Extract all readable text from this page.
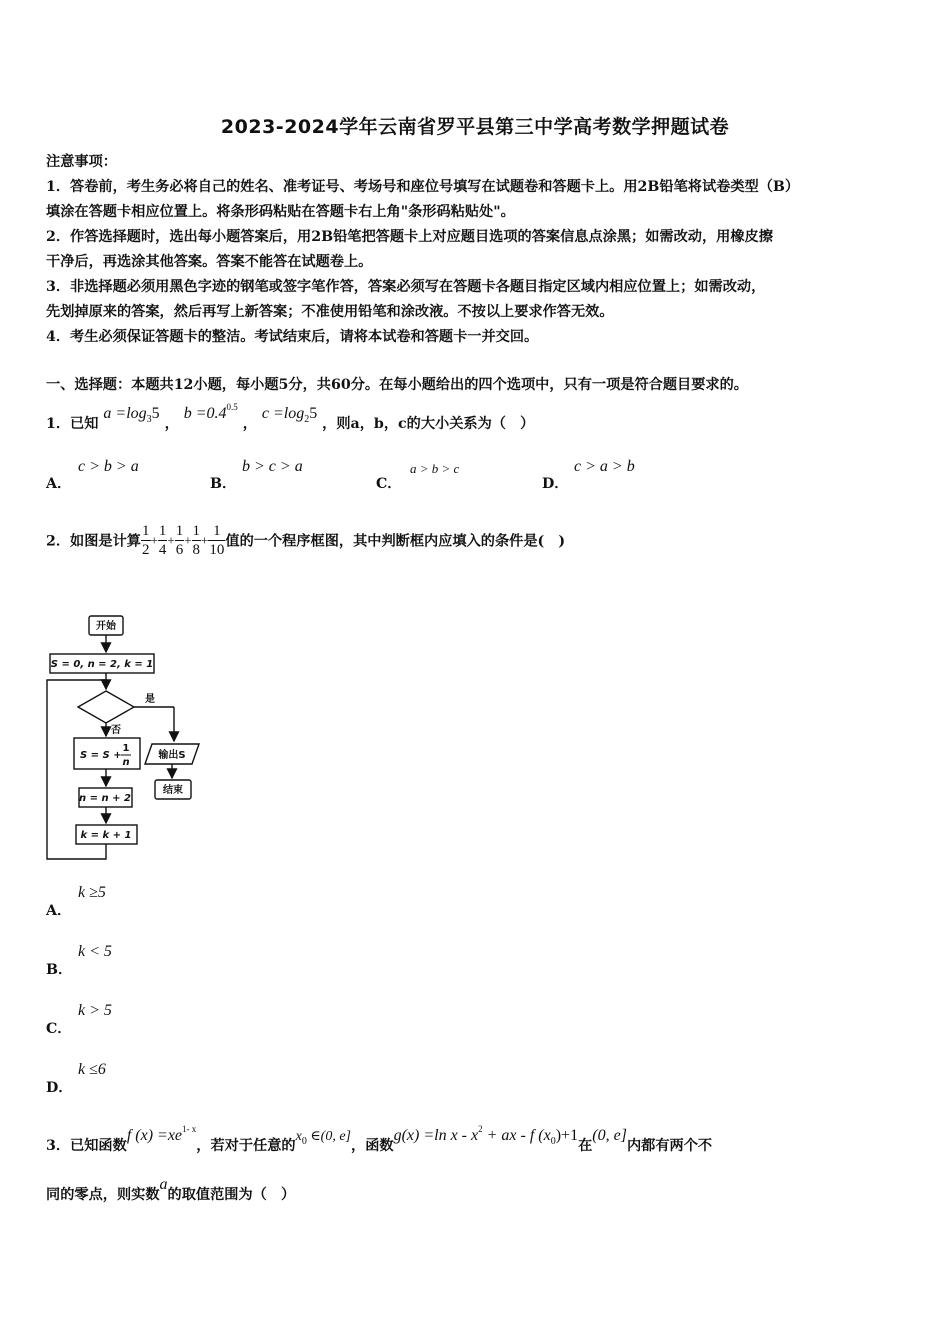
2023-2024学年云南省罗平县第三中学高考数学押题试卷

注意事项：

1．答卷前，考生务必将自己的姓名、准考证号、考场号和座位号填写在试题卷和答题卡上。用2B铅笔将试卷类型（B）

填涂在答题卡相应位置上。将条形码粘贴在答题卡右上角"条形码粘贴处"。

2．作答选择题时，选出每小题答案后，用2B铅笔把答题卡上对应题目选项的答案信息点涂黑；如需改动，用橡皮擦

干净后，再选涂其他答案。答案不能答在试题卷上。

3．非选择题必须用黑色字迹的钢笔或签字笔作答，答案必须写在答题卡各题目指定区域内相应位置上；如需改动，

先划掉原来的答案，然后再写上新答案；不准使用铅笔和涂改液。不按以上要求作答无效。

4．考生必须保证答题卡的整洁。考试结束后，请将本试卷和答题卡一并交回。

一、选择题：本题共12小题，每小题5分，共60分。在每小题给出的四个选项中，只有一项是符合题目要求的。
1．已知 $a =\log_35$ ， $b =0.4^{0.5}$ ， $c =\log_25$ ，则a，b，c的大小关系为（　）
A．
c > b > a
B．
b > c > a
C．
a > b > c
D．
c > a > b
2．如图是计算 $\frac{1}{2} + \frac{1}{4} + \frac{1}{6} + \frac{1}{8} + \frac{1}{10}$ 值的一个程序框图，其中判断框内应填入的条件是(　)
开始
S = 0, n = 2, k = 1
是
否
S = S +
1
n
输出S
结束
n = n + 2
k = k + 1
A．
k ≥5
B．
k < 5
C．
k > 5
D．
k ≤6
3．已知函数f $(x) =xe^{1- x}$，若对于任意的$x_0$ ∈(0, e]，函数g(x) =ln x - $x^2$ + ax - f $(x_0)+1$在(0, e]内都有两个不
同的零点，则实数a的取值范围为（　）
